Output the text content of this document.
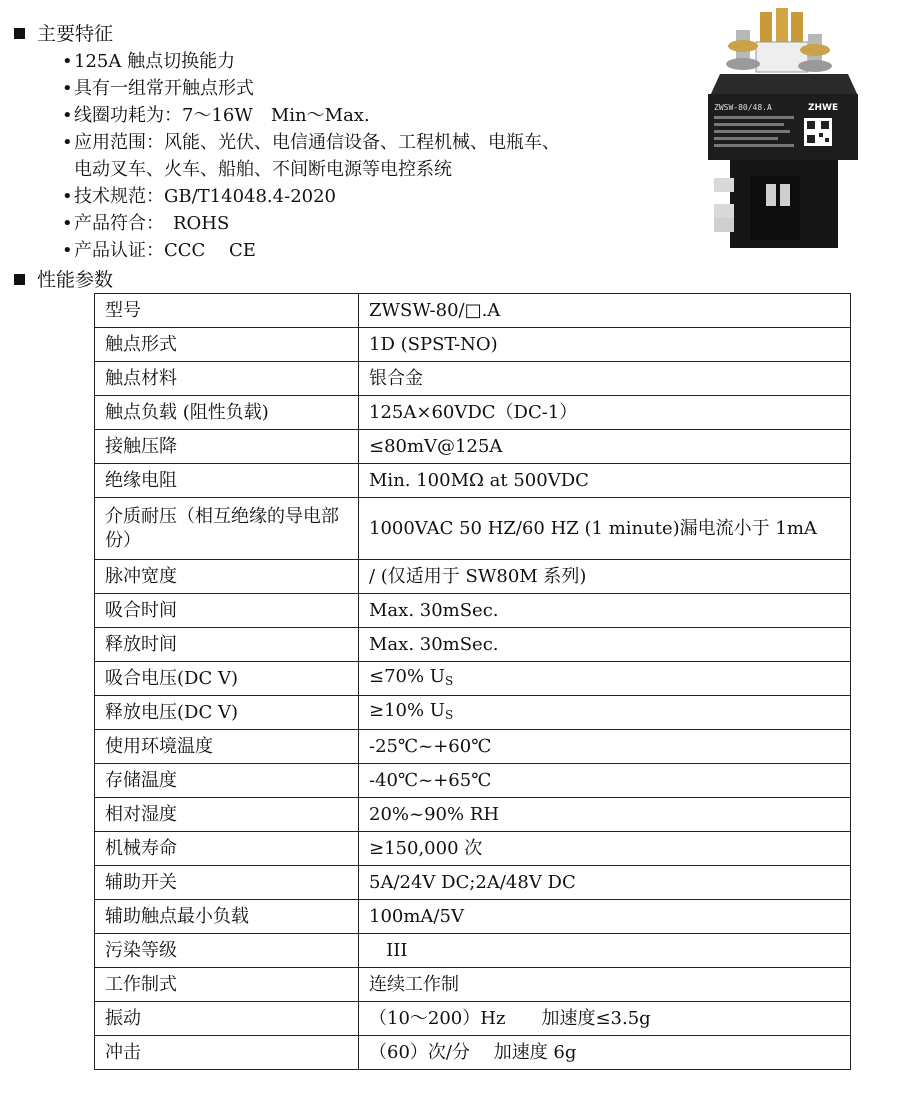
主要特征
•125A 触点切换能力
•具有一组常开触点形式
•线圈功耗为：7～16W　Min～Max.
•应用范围：风能、光伏、电信通信设备、工程机械、电瓶车、
电动叉车、火车、船舶、不间断电源等电控系统
•技术规范：GB/T14048.4-2020
•产品符合：　ROHS
•产品认证：CCC　 CE
ZWSW-80/48.A	ZHWE
性能参数
型号	ZWSW-80/□.A
触点形式	1D (SPST-NO)
触点材料	银合金
触点负载 (阻性负载)	125A×60VDC（DC-1）
接触压降	≤80mV@125A
绝缘电阻	Min. 100MΩ at 500VDC
介质耐压（相互绝缘的导电部份）	1000VAC 50 HZ/60 HZ (1 minute)漏电流小于 1mA
脉冲宽度	/ (仅适用于 SW80M 系列)
吸合时间	Max. 30mSec.
释放时间	Max. 30mSec.
吸合电压(DC V)	≤70% $U_S$
释放电压(DC V)	≥10% $U_S$
使用环境温度	-25℃~+60℃
存储温度	-40℃~+65℃
相对湿度	20%~90% RH
机械寿命	≥150,000 次
辅助开关	5A/24V DC;2A/48V DC
辅助触点最小负载	100mA/5V
污染等级	III
工作制式	连续工作制
振动	（10～200）Hz　　加速度≤3.5g
冲击	（60）次/分　 加速度 6g
